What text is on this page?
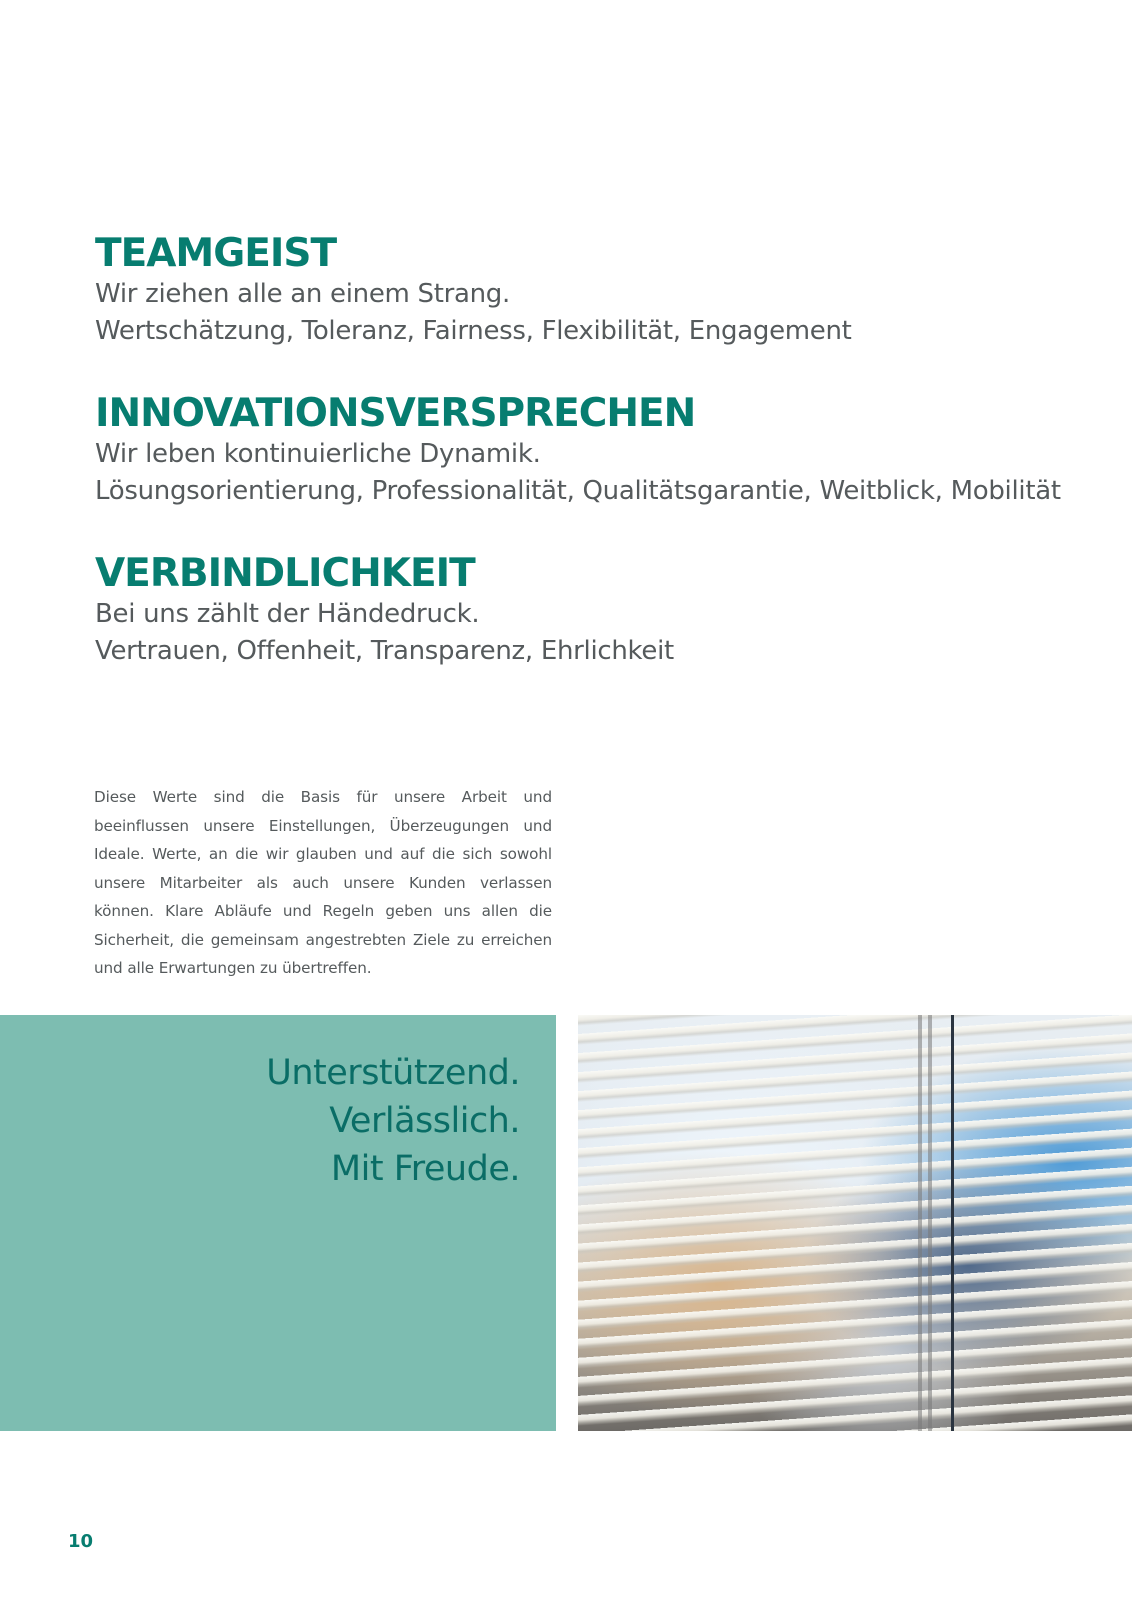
TEAMGEIST
Wir ziehen alle an einem Strang.
Wertschätzung, Toleranz, Fairness, Flexibilität, Engagement
INNOVATIONSVERSPRECHEN
Wir leben kontinuierliche Dynamik.
Lösungsorientierung, Professionalität, Qualitätsgarantie, Weitblick, Mobilität
VERBINDLICHKEIT
Bei uns zählt der Händedruck.
Vertrauen, Offenheit, Transparenz, Ehrlichkeit

Diese Werte sind die Basis für unsere Arbeit und beeinflussen unsere Einstellungen, Überzeugungen und Ideale. Werte, an die wir glauben und auf die sich sowohl unsere Mitarbeiter als auch unsere Kunden verlassen können. Klare Abläufe und Regeln geben uns allen die Sicherheit, die gemeinsam angestrebten Ziele zu erreichen und alle Erwartungen zu übertreffen.

Unterstützend.
Verlässlich.
Mit Freude.
10
